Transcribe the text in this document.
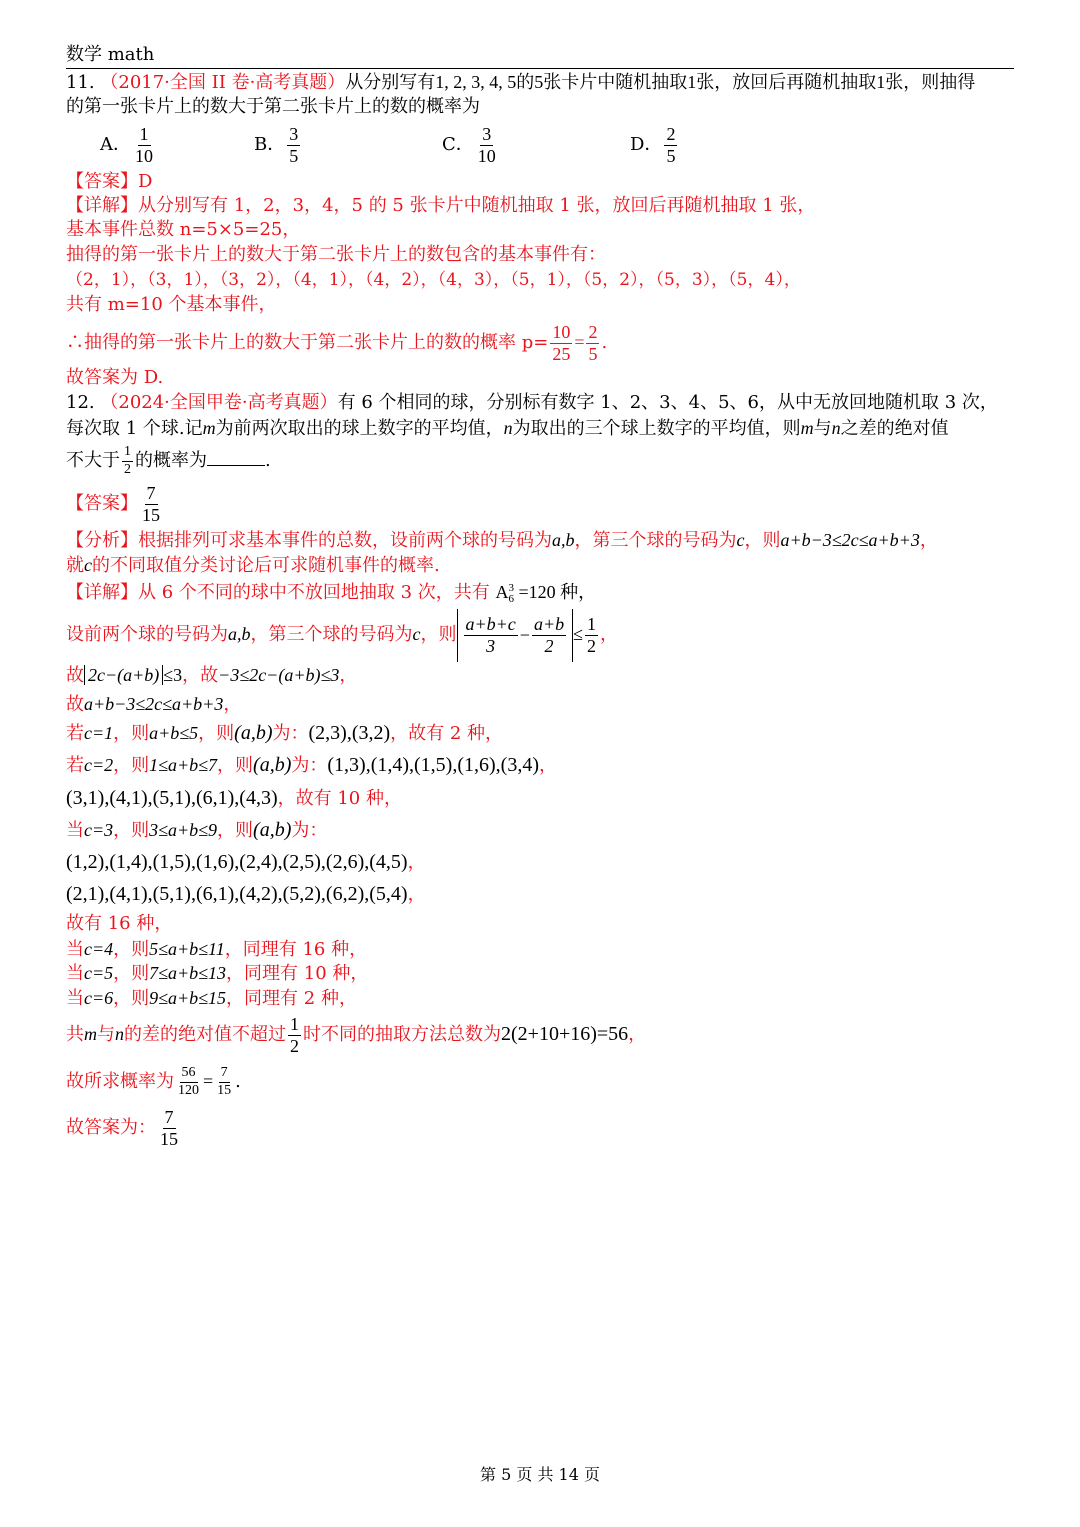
数学 math
11. （2017·全国 II 卷·高考真题）从分别写有1, 2, 3, 4, 5的5张卡片中随机抽取1张，放回后再随机抽取1张，则抽得
的第一张卡片上的数大于第二张卡片上的数的概率为
A． $\frac{1}{10}$	B． $\frac{3}{5}$	C． $\frac{3}{10}$	D． $\frac{2}{5}$
【答案】D
【详解】从分别写有 1，2，3，4，5 的 5 张卡片中随机抽取 1 张，放回后再随机抽取 1 张，
基本事件总数 n=5×5=25，
抽得的第一张卡片上的数大于第二张卡片上的数包含的基本事件有：
（2，1），（3，1），（3，2），（4，1），（4，2），（4，3），（5，1），（5，2），（5，3），（5，4），
共有 m=10 个基本事件，
∴抽得的第一张卡片上的数大于第二张卡片上的数的概率 $p= \frac{10}{25} = \frac{2}{5}$ .
故答案为 D.
12. （2024·全国甲卷·高考真题）有 6 个相同的球，分别标有数字 1、2、3、4、5、6，从中无放回地随机取 3 次，
每次取 1 个球.记m为前两次取出的球上数字的平均值，n为取出的三个球上数字的平均值，则m与n之差的绝对值
不大于 $\frac{1}{2}$ 的概率为	.
【答案】 $\frac{7}{15}$
【分析】根据排列可求基本事件的总数，设前两个球的号码为a,b，第三个球的号码为c，则a+b−3≤2c≤a+b+3，
就c的不同取值分类讨论后可求随机事件的概率.
【详解】从 6 个不同的球中不放回地抽取 3 次，共有 A 3
6 =120 种，
设前两个球的号码为a,b，第三个球的号码为c，则 $\frac{a+b+c}{3} - \frac{a+b}{2} \le \frac{1}{2}$ ，
故 2c−(a+b) ≤3，故−3≤2c−(a+b)≤3，
故a+b−3≤2c≤a+b+3，
若c=1，则a+b≤5，则(a,b)为：(2,3),(3,2)，故有 2 种，
若c=2，则1≤a+b≤7，则(a,b)为：(1,3),(1,4),(1,5),(1,6),(3,4)，
(3,1),(4,1),(5,1),(6,1),(4,3)，故有 10 种，
当c=3，则3≤a+b≤9，则(a,b)为：
(1,2),(1,4),(1,5),(1,6),(2,4),(2,5),(2,6),(4,5)，
(2,1),(4,1),(5,1),(6,1),(4,2),(5,2),(6,2),(5,4)，
故有 16 种，
当c=4，则5≤a+b≤11，同理有 16 种，
当c=5，则7≤a+b≤13，同理有 10 种，
当c=6，则9≤a+b≤15，同理有 2 种，
共m与n的差的绝对值不超过 $\frac{1}{2}$ 时不同的抽取方法总数为2(2+10+16)=56，
故所求概率为 $\frac{56}{120} = \frac{7}{15}$ .
故答案为： $\frac{7}{15}$
第 5 页 共 14 页
